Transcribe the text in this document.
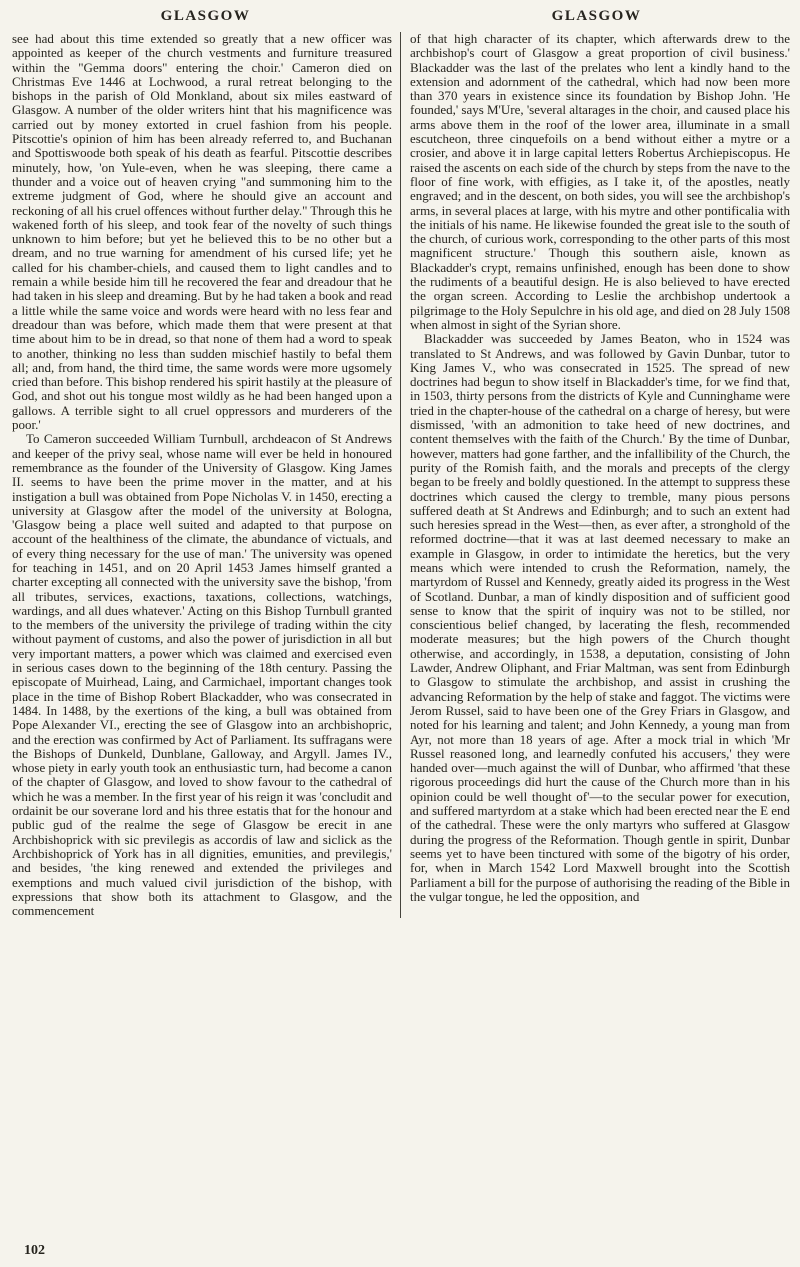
GLASGOW	GLASGOW

see had about this time extended so greatly that a new officer was appointed as keeper of the church vestments and furniture treasured within the "Gemma doors" entering the choir.' Cameron died on Christmas Eve 1446 at Lochwood, a rural retreat belonging to the bishops in the parish of Old Monkland, about six miles eastward of Glasgow. A number of the older writers hint that his magnificence was carried out by money extorted in cruel fashion from his people. Pitscottie's opinion of him has been already referred to, and Buchanan and Spottiswoode both speak of his death as fearful. Pitscottie describes minutely, how, 'on Yule-even, when he was sleeping, there came a thunder and a voice out of heaven crying "and summoning him to the extreme judgment of God, where he should give an account and reckoning of all his cruel offences without further delay." Through this he wakened forth of his sleep, and took fear of the novelty of such things unknown to him before; but yet he believed this to be no other but a dream, and no true warning for amendment of his cursed life; yet he called for his chamber-chiels, and caused them to light candles and to remain a while beside him till he recovered the fear and dreadour that he had taken in his sleep and dreaming. But by he had taken a book and read a little while the same voice and words were heard with no less fear and dreadour than was before, which made them that were present at that time about him to be in dread, so that none of them had a word to speak to another, thinking no less than sudden mischief hastily to befal them all; and, from hand, the third time, the same words were more ugsomely cried than before. This bishop rendered his spirit hastily at the pleasure of God, and shot out his tongue most wildly as he had been hanged upon a gallows. A terrible sight to all cruel oppressors and murderers of the poor.'

To Cameron succeeded William Turnbull, archdeacon of St Andrews and keeper of the privy seal, whose name will ever be held in honoured remembrance as the founder of the University of Glasgow. King James II. seems to have been the prime mover in the matter, and at his instigation a bull was obtained from Pope Nicholas V. in 1450, erecting a university at Glasgow after the model of the university at Bologna, 'Glasgow being a place well suited and adapted to that purpose on account of the healthiness of the climate, the abundance of victuals, and of every thing necessary for the use of man.' The university was opened for teaching in 1451, and on 20 April 1453 James himself granted a charter excepting all connected with the university save the bishop, 'from all tributes, services, exactions, taxations, collections, watchings, wardings, and all dues whatever.' Acting on this Bishop Turnbull granted to the members of the university the privilege of trading within the city without payment of customs, and also the power of jurisdiction in all but very important matters, a power which was claimed and exercised even in serious cases down to the beginning of the 18th century. Passing the episcopate of Muirhead, Laing, and Carmichael, important changes took place in the time of Bishop Robert Blackadder, who was consecrated in 1484. In 1488, by the exertions of the king, a bull was obtained from Pope Alexander VI., erecting the see of Glasgow into an archbishopric, and the erection was confirmed by Act of Parliament. Its suffragans were the Bishops of Dunkeld, Dunblane, Galloway, and Argyll. James IV., whose piety in early youth took an enthusiastic turn, had become a canon of the chapter of Glasgow, and loved to show favour to the cathedral of which he was a member. In the first year of his reign it was 'concludit and ordainit be our soverane lord and his three estatis that for the honour and public gud of the realme the sege of Glasgow be erecit in ane Archbishoprick with sic previlegis as accordis of law and siclick as the Archbishoprick of York has in all dignities, emunities, and previlegis,' and besides, 'the king renewed and extended the privileges and exemptions and much valued civil jurisdiction of the bishop, with expressions that show both its attachment to Glasgow, and the commencement

of that high character of its chapter, which afterwards drew to the archbishop's court of Glasgow a great proportion of civil business.' Blackadder was the last of the prelates who lent a kindly hand to the extension and adornment of the cathedral, which had now been more than 370 years in existence since its foundation by Bishop John. 'He founded,' says M'Ure, 'several altarages in the choir, and caused place his arms above them in the roof of the lower area, illuminate in a small escutcheon, three cinquefoils on a bend without either a mytre or a crosier, and above it in large capital letters Robertus Archiepiscopus. He raised the ascents on each side of the church by steps from the nave to the floor of fine work, with effigies, as I take it, of the apostles, neatly engraved; and in the descent, on both sides, you will see the archbishop's arms, in several places at large, with his mytre and other pontificalia with the initials of his name. He likewise founded the great isle to the south of the church, of curious work, corresponding to the other parts of this most magnificent structure.' Though this southern aisle, known as Blackadder's crypt, remains unfinished, enough has been done to show the rudiments of a beautiful design. He is also believed to have erected the organ screen. According to Leslie the archbishop undertook a pilgrimage to the Holy Sepulchre in his old age, and died on 28 July 1508 when almost in sight of the Syrian shore.

Blackadder was succeeded by James Beaton, who in 1524 was translated to St Andrews, and was followed by Gavin Dunbar, tutor to King James V., who was consecrated in 1525. The spread of new doctrines had begun to show itself in Blackadder's time, for we find that, in 1503, thirty persons from the districts of Kyle and Cunninghame were tried in the chapter-house of the cathedral on a charge of heresy, but were dismissed, 'with an admonition to take heed of new doctrines, and content themselves with the faith of the Church.' By the time of Dunbar, however, matters had gone farther, and the infallibility of the Church, the purity of the Romish faith, and the morals and precepts of the clergy began to be freely and boldly questioned. In the attempt to suppress these doctrines which caused the clergy to tremble, many pious persons suffered death at St Andrews and Edinburgh; and to such an extent had such heresies spread in the West—then, as ever after, a stronghold of the reformed doctrine—that it was at last deemed necessary to make an example in Glasgow, in order to intimidate the heretics, but the very means which were intended to crush the Reformation, namely, the martyrdom of Russel and Kennedy, greatly aided its progress in the West of Scotland. Dunbar, a man of kindly disposition and of sufficient good sense to know that the spirit of inquiry was not to be stilled, nor conscientious belief changed, by lacerating the flesh, recommended moderate measures; but the high powers of the Church thought otherwise, and accordingly, in 1538, a deputation, consisting of John Lawder, Andrew Oliphant, and Friar Maltman, was sent from Edinburgh to Glasgow to stimulate the archbishop, and assist in crushing the advancing Reformation by the help of stake and faggot. The victims were Jerom Russel, said to have been one of the Grey Friars in Glasgow, and noted for his learning and talent; and John Kennedy, a young man from Ayr, not more than 18 years of age. After a mock trial in which 'Mr Russel reasoned long, and learnedly confuted his accusers,' they were handed over—much against the will of Dunbar, who affirmed 'that these rigorous proceedings did hurt the cause of the Church more than in his opinion could be well thought of'—to the secular power for execution, and suffered martyrdom at a stake which had been erected near the E end of the cathedral. These were the only martyrs who suffered at Glasgow during the progress of the Reformation. Though gentle in spirit, Dunbar seems yet to have been tinctured with some of the bigotry of his order, for, when in March 1542 Lord Maxwell brought into the Scottish Parliament a bill for the purpose of authorising the reading of the Bible in the vulgar tongue, he led the opposition, and

102
